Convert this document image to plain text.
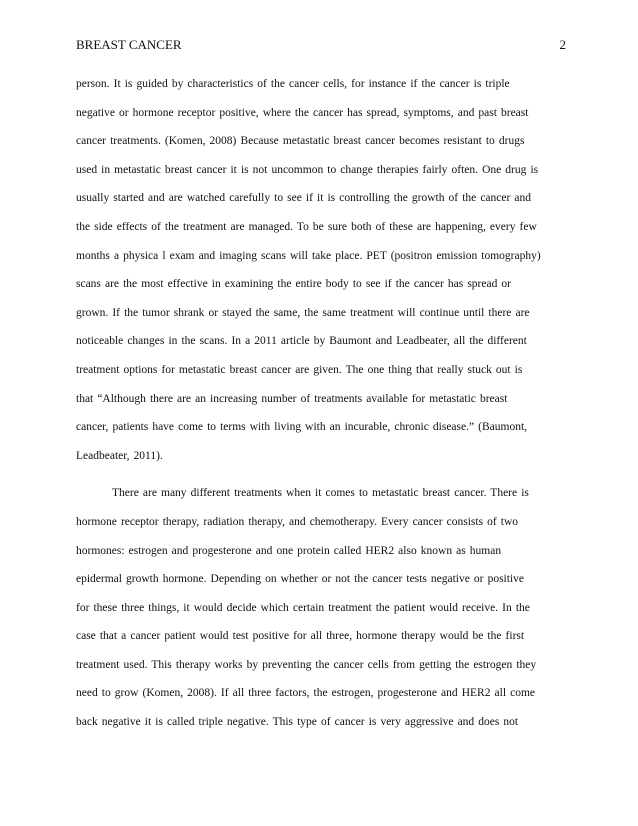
BREAST CANCER	2
person. It is guided by characteristics of the cancer cells, for instance if the cancer is triple
negative or hormone receptor positive, where the cancer has spread, symptoms, and past breast
cancer treatments. (Komen, 2008) Because metastatic breast cancer becomes resistant to drugs
used in metastatic breast cancer it is not uncommon to change therapies fairly often. One drug is
usually started and are watched carefully to see if it is controlling the growth of the cancer and
the side effects of the treatment are managed. To be sure both of these are happening, every few
months a physica l exam and imaging scans will take place. PET (positron emission tomography)
scans are the most effective in examining the entire body to see if the cancer has spread or
grown. If the tumor shrank or stayed the same, the same treatment will continue until there are
noticeable changes in the scans. In a 2011 article by Baumont and Leadbeater, all the different
treatment options for metastatic breast cancer are given. The one thing that really stuck out is
that “Although there are an increasing number of treatments available for metastatic breast
cancer, patients have come to terms with living with an incurable, chronic disease.” (Baumont,
Leadbeater, 2011).
There are many different treatments when it comes to metastatic breast cancer. There is
hormone receptor therapy, radiation therapy, and chemotherapy. Every cancer consists of two
hormones: estrogen and progesterone and one protein called HER2 also known as human
epidermal growth hormone. Depending on whether or not the cancer tests negative or positive
for these three things, it would decide which certain treatment the patient would receive. In the
case that a cancer patient would test positive for all three, hormone therapy would be the first
treatment used. This therapy works by preventing the cancer cells from getting the estrogen they
need to grow (Komen, 2008). If all three factors, the estrogen, progesterone and HER2 all come
back negative it is called triple negative. This type of cancer is very aggressive and does not
